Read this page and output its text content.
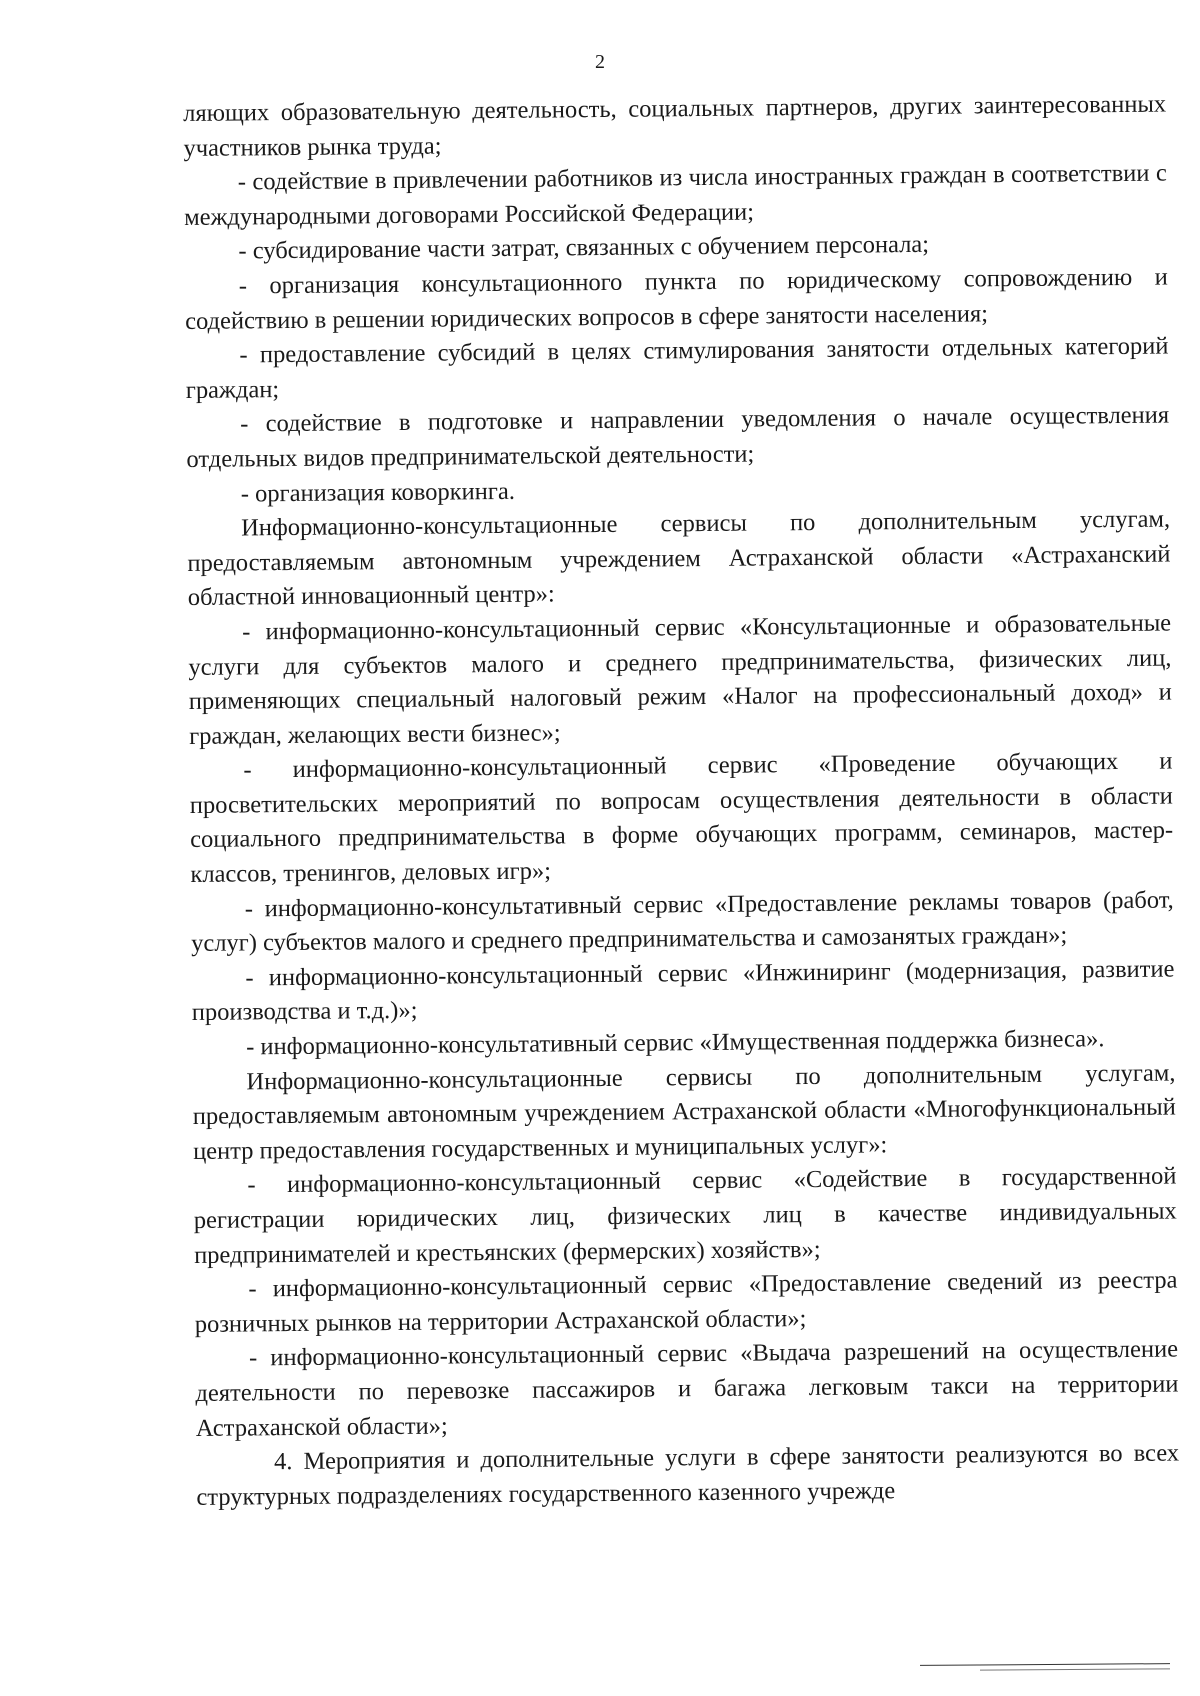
2

ляющих образовательную деятельность, социальных партнеров, других заинтересованных участников рынка труда;

- содействие в привлечении работников из числа иностранных граждан в соответствии с международными договорами Российской Федерации;

- субсидирование части затрат, связанных с обучением персонала;

- организация консультационного пункта по юридическому сопровождению и содействию в решении юридических вопросов в сфере занятости населения;

- предоставление субсидий в целях стимулирования занятости отдельных категорий граждан;

- содействие в подготовке и направлении уведомления о начале осуществления отдельных видов предпринимательской деятельности;

- организация коворкинга.

Информационно-консультационные сервисы по дополнительным услугам, предоставляемым автономным учреждением Астраханской области «Астраханский областной инновационный центр»:

- информационно-консультационный сервис «Консультационные и образовательные услуги для субъектов малого и среднего предпринимательства, физических лиц, применяющих специальный налоговый режим «Налог на профессиональный доход» и граждан, желающих вести бизнес»;

- информационно-консультационный сервис «Проведение обучающих и просветительских мероприятий по вопросам осуществления деятельности в области социального предпринимательства в форме обучающих программ, семинаров, мастер-классов, тренингов, деловых игр»;

- информационно-консультативный сервис «Предоставление рекламы товаров (работ, услуг) субъектов малого и среднего предпринимательства и самозанятых граждан»;

- информационно-консультационный сервис «Инжиниринг (модернизация, развитие производства и т.д.)»;

- информационно-консультативный сервис «Имущественная поддержка бизнеса».

Информационно-консультационные сервисы по дополнительным услугам, предоставляемым автономным учреждением Астраханской области «Многофункциональный центр предоставления государственных и муниципальных услуг»:

- информационно-консультационный сервис «Содействие в государственной регистрации юридических лиц, физических лиц в качестве индивидуальных предпринимателей и крестьянских (фермерских) хозяйств»;

- информационно-консультационный сервис «Предоставление сведений из реестра розничных рынков на территории Астраханской области»;

- информационно-консультационный сервис «Выдача разрешений на осуществление деятельности по перевозке пассажиров и багажа легковым такси на территории Астраханской области»;

4. Мероприятия и дополнительные услуги в сфере занятости реализуются во всех структурных подразделениях государственного казенного учрежде
